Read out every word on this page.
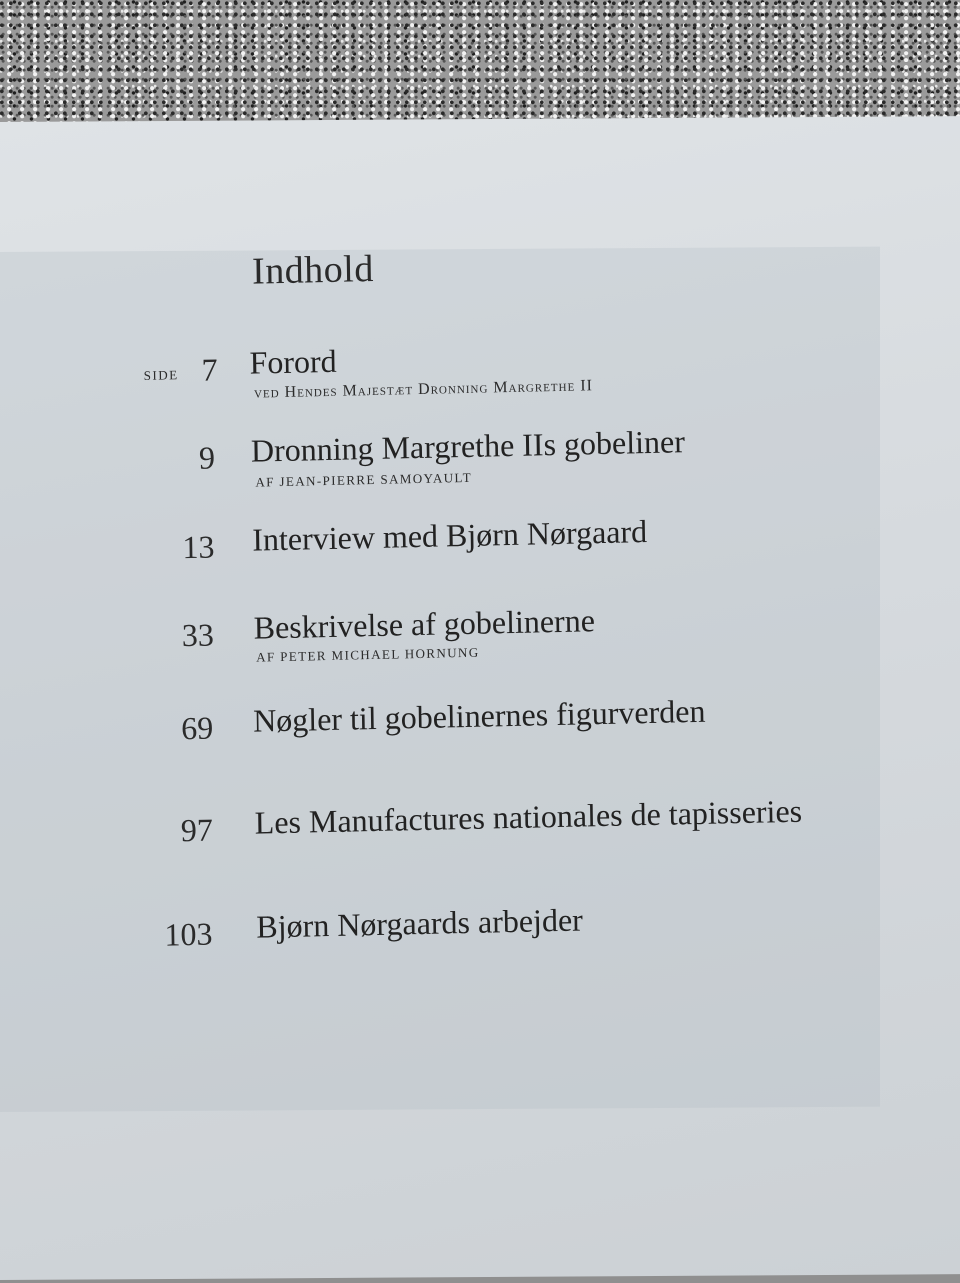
Indhold
SIDE 7 Forord
ved Hendes Majestæt Dronning Margrethe II
9 Dronning Margrethe IIs gobeliner
AF JEAN-PIERRE SAMOYAULT
13 Interview med Bjørn Nørgaard
33 Beskrivelse af gobelinerne
AF PETER MICHAEL HORNUNG
69 Nøgler til gobelinernes figurverden
97 Les Manufactures nationales de tapisseries
103 Bjørn Nørgaards arbejder
